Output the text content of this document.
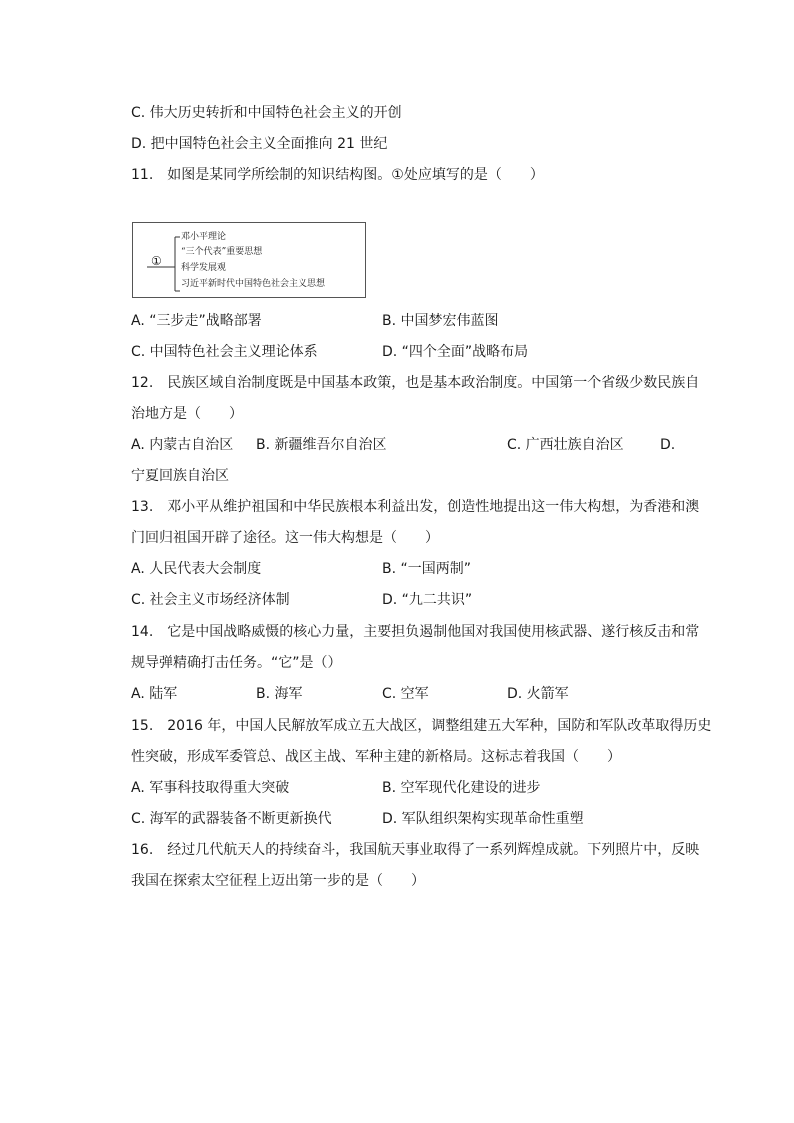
C. 伟大历史转折和中国特色社会主义的开创
D. 把中国特色社会主义全面推向 21 世纪
11.　如图是某同学所绘制的知识结构图。①处应填写的是（　　）
①
邓小平理论
“三个代表”重要思想
科学发展观
习近平新时代中国特色社会主义思想
A. “三步走”战略部署	B. 中国梦宏伟蓝图
C. 中国特色社会主义理论体系	D. “四个全面”战略布局
12.　民族区域自治制度既是中国基本政策，也是基本政治制度。中国第一个省级少数民族自
治地方是（　　）
A. 内蒙古自治区 B. 新疆维吾尔自治区	C. 广西壮族自治区	D.
宁夏回族自治区
13.　邓小平从维护祖国和中华民族根本利益出发，创造性地提出这一伟大构想，为香港和澳
门回归祖国开辟了途径。这一伟大构想是（　　）
A. 人民代表大会制度	B. “一国两制”
C. 社会主义市场经济体制	D. “九二共识”
14.　它是中国战略威慑的核心力量，主要担负遏制他国对我国使用核武器、遂行核反击和常
规导弹精确打击任务。“它”是（）
A. 陆军	B. 海军	C. 空军	D. 火箭军
15.　2016 年，中国人民解放军成立五大战区，调整组建五大军种，国防和军队改革取得历史
性突破，形成军委管总、战区主战、军种主建的新格局。这标志着我国（　　）
A. 军事科技取得重大突破	B. 空军现代化建设的进步
C. 海军的武器装备不断更新换代	D. 军队组织架构实现革命性重塑
16.　经过几代航天人的持续奋斗，我国航天事业取得了一系列辉煌成就。下列照片中，反映
我国在探索太空征程上迈出第一步的是（　　）
